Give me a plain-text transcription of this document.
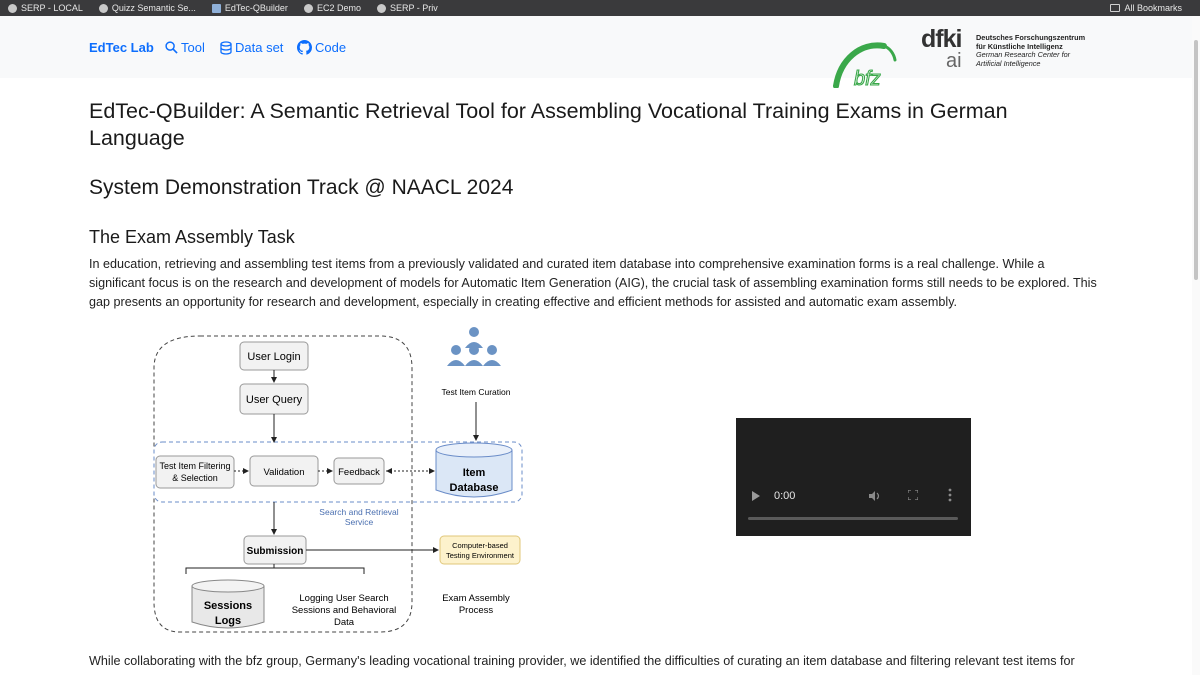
SERP - LOCAL	Quizz Semantic Se...	EdTec-QBuilder	EC2 Demo	SERP - Priv	All Bookmarks
EdTec Lab Tool Data set Code
bfz
dfki
ai
Deutsches Forschungszentrum
für Künstliche Intelligenz
German Research Center for
Artificial Intelligence
EdTec-QBuilder: A Semantic Retrieval Tool for Assembling Vocational Training Exams in German Language
System Demonstration Track @ NAACL 2024
The Exam Assembly Task

In education, retrieving and assembling test items from a previously validated and curated item database into comprehensive examination forms is a real challenge. While a significant focus is on the research and development of models for Automatic Item Generation (AIG), the crucial task of assembling examination forms still needs to be explored. This gap presents an opportunity for research and development, especially in creating effective and efficient methods for assisted and automatic exam assembly.

User Login
User Query
Test Item Filtering
& Selection	Validation	Feedback	Item
Database
Test Item Curation
Search and Retrieval
Service
Submission
Computer-based
Testing Environment
Sessions
Logs
Logging User Search
Sessions and Behavioral
Data
Exam Assembly
Process
0:00

While collaborating with the bfz group, Germany's leading vocational training provider, we identified the difficulties of curating an item database and filtering relevant test items for
